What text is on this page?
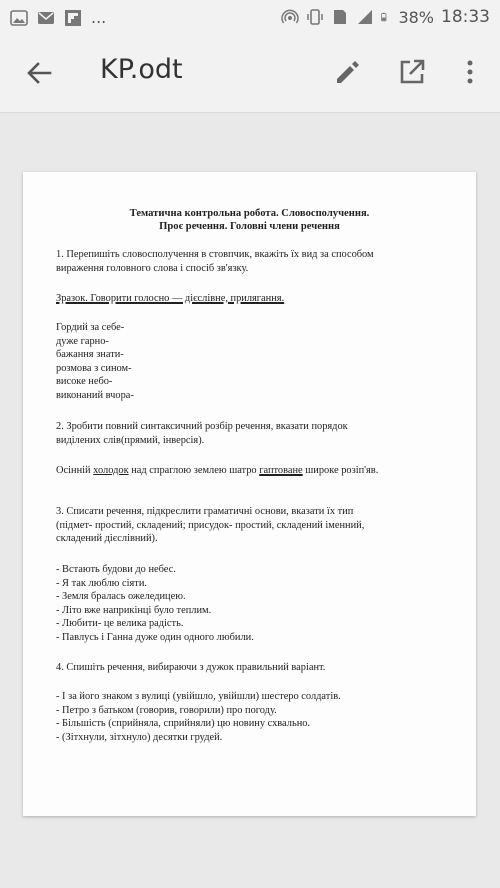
...	2 38% 18:33
KP.odt
Тематична контрольна робота. Словосполучення.
Проє речення. Головні члени речення
1. Перепишіть словосполучення в стовпчик, вкажіть їх вид за способом
вираження головного слова і спосіб зв'язку.
Зразок. Говорити голосно — дієслівне, прилягання.
Гордий за себе-
дуже гарно-
бажання знати-
розмова з сином-
високе небо-
виконаний вчора-
2. Зробити повний синтаксичний розбір речення, вказати порядок
виділених слів(прямий, інверсія).
Осінній холодок над спраглою землею шатро гаптоване широке розіп'яв.
3. Списати речення, підкреслити граматичні основи, вказати їх тип
(підмет- простий, складений; присудок- простий, складений іменний,
складений дієслівний).
- Встають будови до небес.
- Я так люблю сіяти.
- Земля бралась ожеледицею.
- Літо вже наприкінці було теплим.
- Любити- це велика радість.
- Павлусь і Ганна дуже один одного любили.
4. Спишіть речення, вибираючи з дужок правильний варіант.
- І за його знаком з вулиці (увійшло, увійшли) шестеро солдатів.
- Петро з батьком (говорив, говорили) про погоду.
- Більшість (сприйняла, сприйняли) цю новину схвально.
- (Зітхнули, зітхнуло) десятки грудей.
